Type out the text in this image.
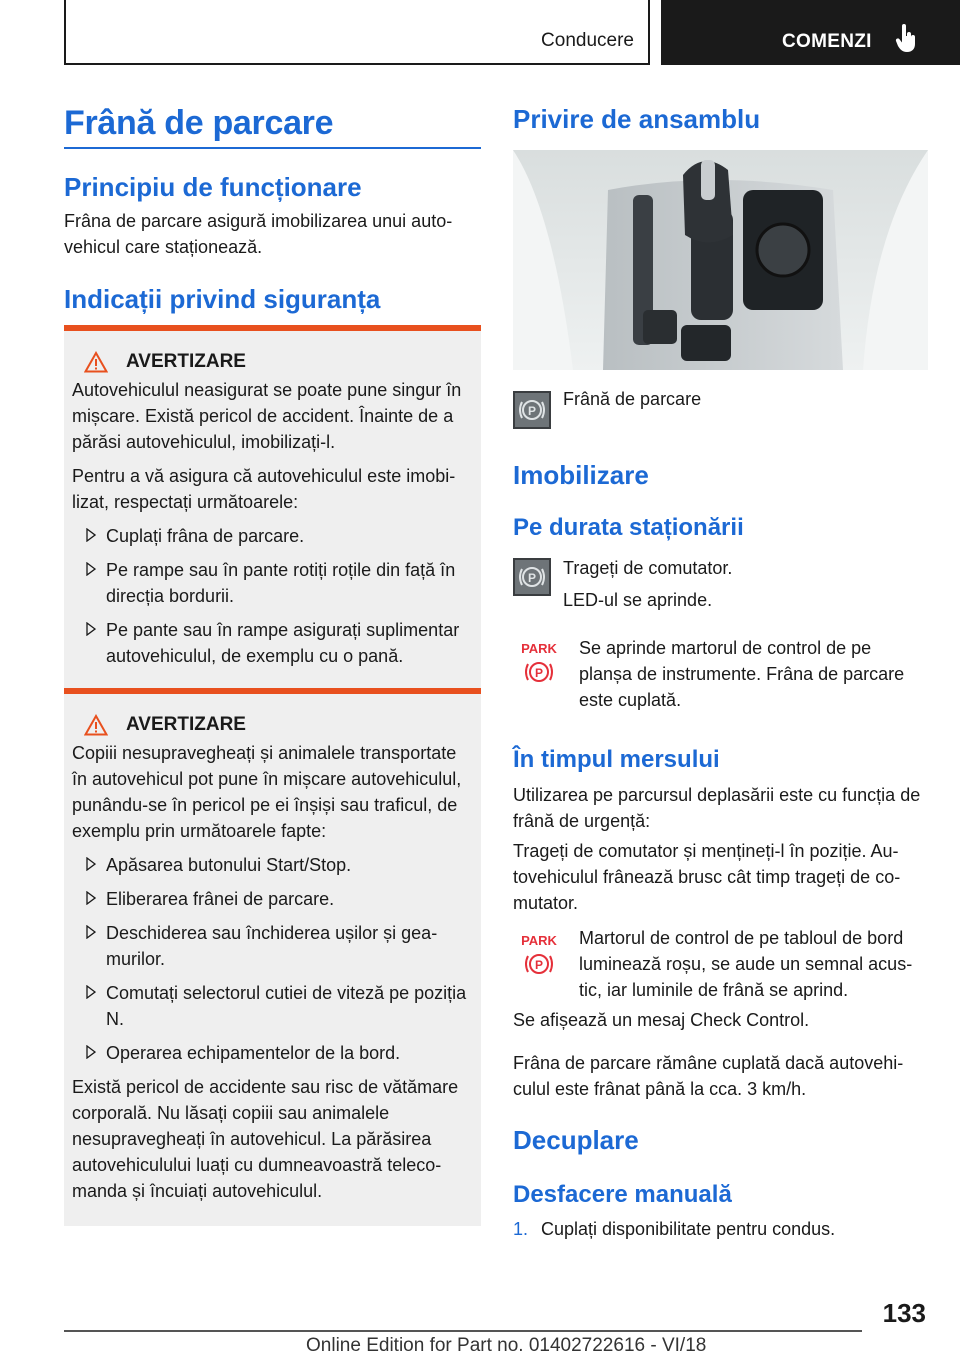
Conducere	COMENZI
Frână de parcare
Principiu de funcționare

Frâna de parcare asigură imobilizarea unui autovehicul care staționează.

Indicații privind siguranța
AVERTIZARE

Autovehiculul neasigurat se poate pune singur în mișcare. Există pericol de accident. Înainte de a părăsi autovehiculul, imobilizați-l.

Pentru a vă asigura că autovehiculul este imobilizat, respectați următoarele:

Cuplați frâna de parcare.
Pe rampe sau în pante rotiți roțile din față în direcția bordurii.
Pe pante sau în rampe asigurați suplimentar autovehiculul, de exemplu cu o pană.
AVERTIZARE

Copiii nesupravegheați și animalele transportate în autovehicul pot pune în mișcare autovehiculul, punându-se în pericol pe ei înșiși sau traficul, de exemplu prin următoarele fapte:

Apăsarea butonului Start/Stop.
Eliberarea frânei de parcare.
Deschiderea sau închiderea ușilor și geamurilor.
Comutați selectorul cutiei de viteză pe poziția N.
Operarea echipamentelor de la bord.

Există pericol de accidente sau risc de vătămare corporală. Nu lăsați copiii sau animalele nesupravegheați în autovehicul. La părăsirea autovehiculului luați cu dumneavoastră telecomanda și încuiați autovehiculul.

Privire de ansamblu
P

Frână de parcare

Imobilizare
Pe durata staționării
P Trageți de comutator.

LED-ul se aprinde.

PARK
P

Se aprinde martorul de control de pe planșa de instrumente. Frâna de parcare este cuplată.

În timpul mersului

Utilizarea pe parcursul deplasării este cu funcția de frână de urgență:

Trageți de comutator și mențineți-l în poziție. Autovehiculul frânează brusc cât timp trageți de comutator.

PARK
P

Martorul de control de pe tabloul de bord luminează roșu, se aude un semnal acustic, iar luminile de frână se aprind.

Se afișează un mesaj Check Control.

Frâna de parcare rămâne cuplată dacă autovehiculul este frânat până la cca. 3 km/h.

Decuplare
Desfacere manuală

1. Cuplați disponibilitate pentru condus.

133
Online Edition for Part no. 01402722616 - VI/18
